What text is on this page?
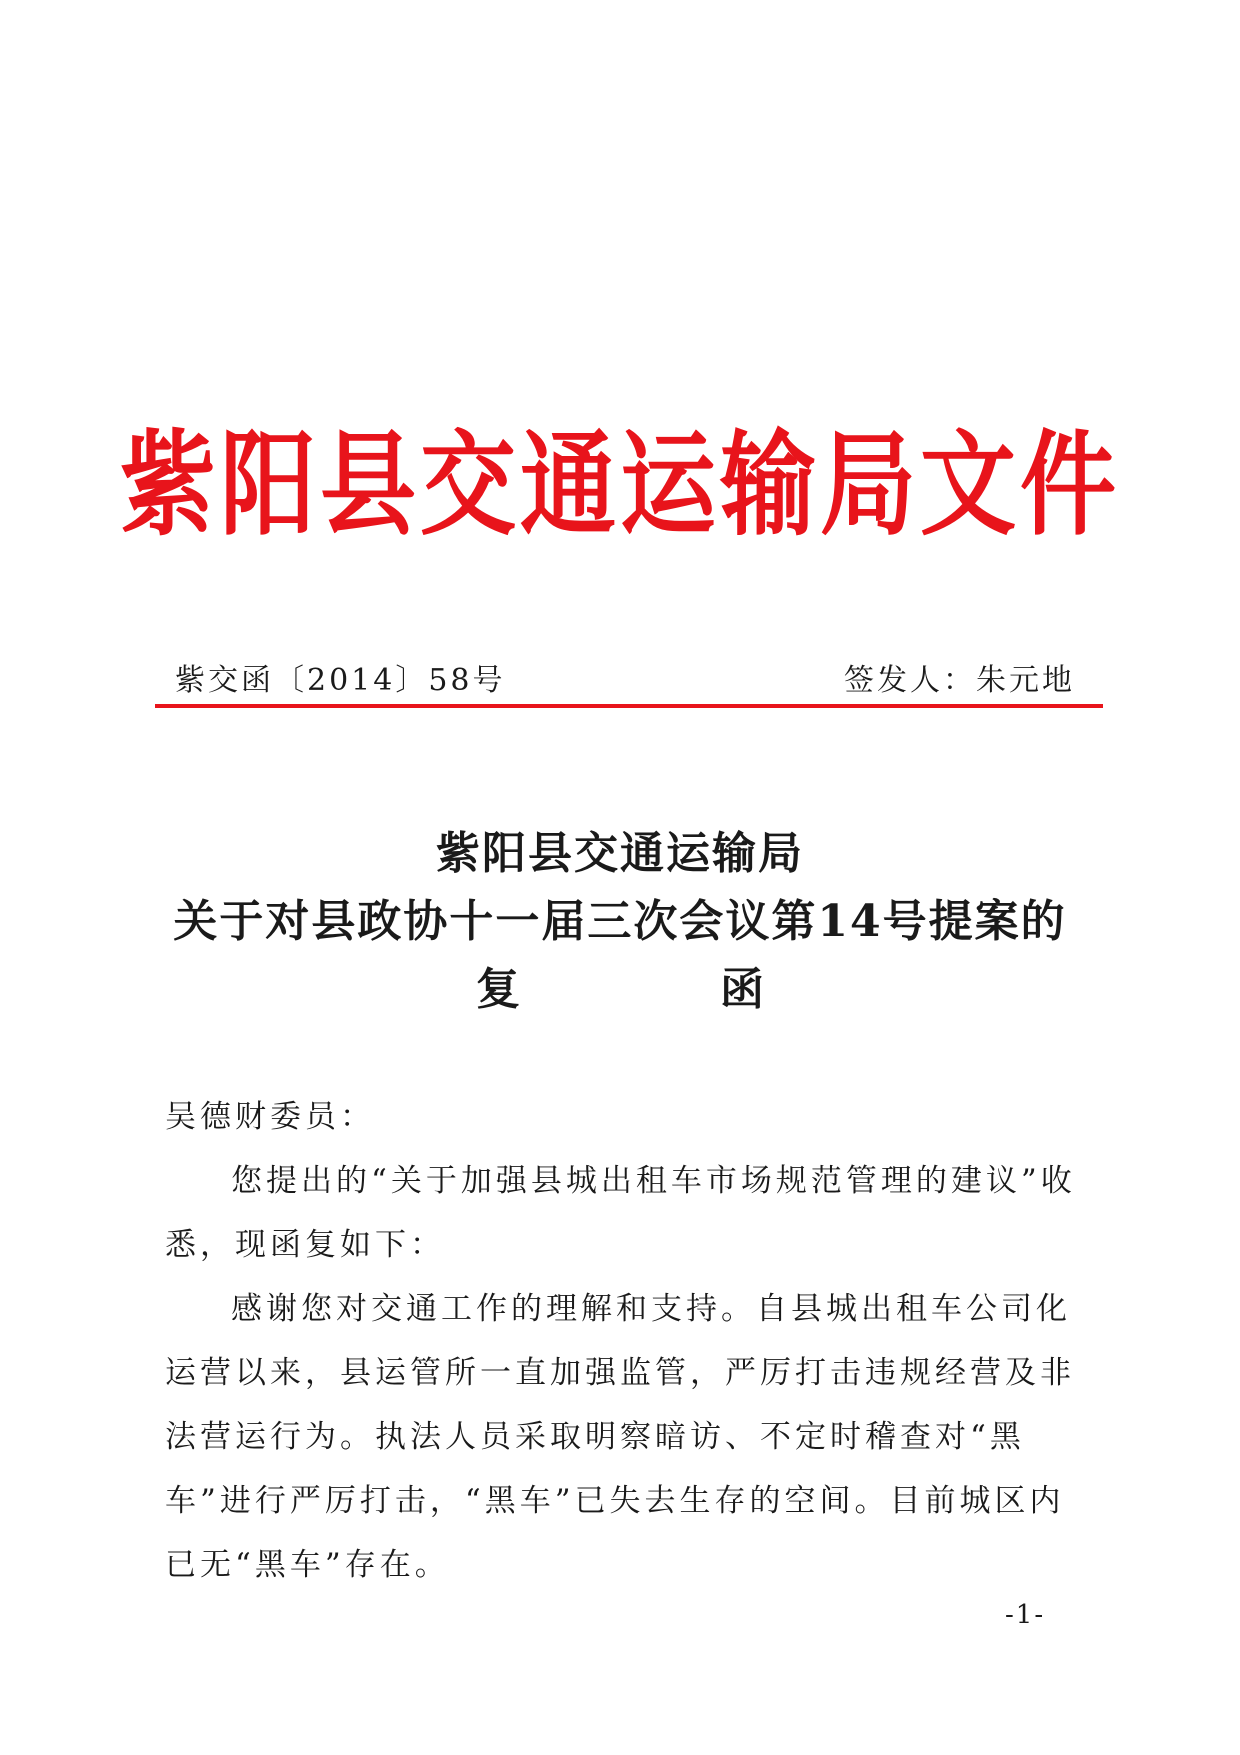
紫阳县交通运输局文件
紫交函〔2014〕58号	签发人：朱元地
紫阳县交通运输局
关于对县政协十一届三次会议第14号提案的
复函

吴德财委员：

您提出的“关于加强县城出租车市场规范管理的建议”收悉，现函复如下：

感谢您对交通工作的理解和支持。自县城出租车公司化运营以来，县运管所一直加强监管，严厉打击违规经营及非法营运行为。执法人员采取明察暗访、不定时稽查对“黑车”进行严厉打击，“黑车”已失去生存的空间。目前城区内已无“黑车”存在。

-1-
